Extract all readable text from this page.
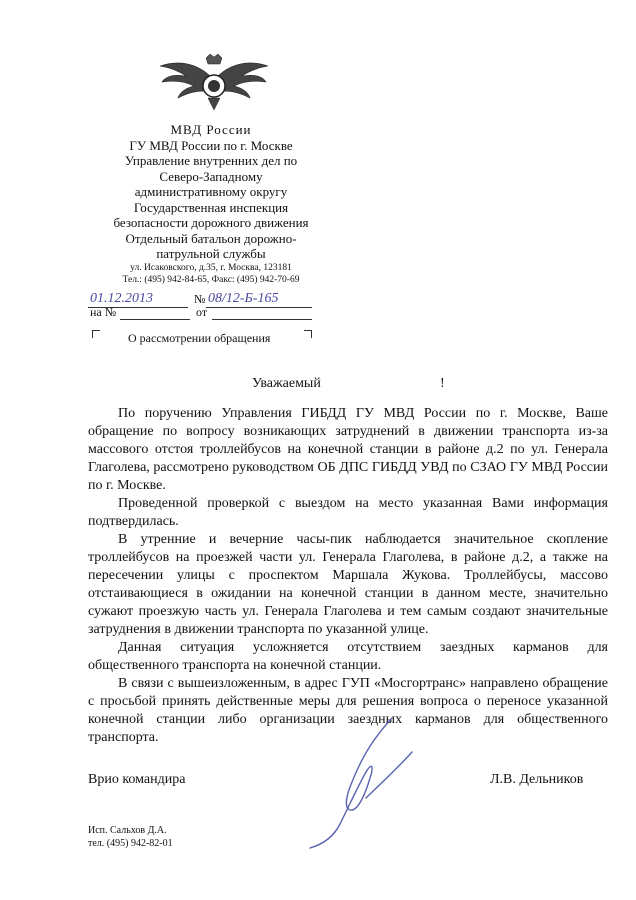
МВД России
ГУ МВД России по г. Москве
Управление внутренних дел по
Северо-Западному
административному округу
Государственная инспекция
безопасности дорожного движения
Отдельный батальон дорожно-
патрульной службы
ул. Исаковского, д.35, г. Москва, 123181
Тел.: (495) 942-84-65, Факс: (495) 942-70-69
01.12.2013	№ 08/12-Б-165
на №	от
О рассмотрении обращения
Уважаемый	!

По поручению Управления ГИБДД ГУ МВД России по г. Москве, Ваше обращение по вопросу возникающих затруднений в движении транспорта из-за массового отстоя троллейбусов на конечной станции в районе д.2 по ул. Генерала Глаголева, рассмотрено руководством ОБ ДПС ГИБДД УВД по СЗАО ГУ МВД России по г. Москве.

Проведенной проверкой с выездом на место указанная Вами информация подтвердилась.

В утренние и вечерние часы-пик наблюдается значительное скопление троллейбусов на проезжей части ул. Генерала Глаголева, в районе д.2, а также на пересечении улицы с проспектом Маршала Жукова. Троллейбусы, массово отстаивающиеся в ожидании на конечной станции в данном месте, значительно сужают проезжую часть ул. Генерала Глаголева и тем самым создают значительные затруднения в движении транспорта по указанной улице.

Данная ситуация усложняется отсутствием заездных карманов для общественного транспорта на конечной станции.

В связи с вышеизложенным, в адрес ГУП «Мосгортранс» направлено обращение с просьбой принять действенные меры для решения вопроса о переносе указанной конечной станции либо организации заездных карманов для общественного транспорта.

Врио командира	Л.В. Дельников
Исп. Сальхов Д.А.
тел. (495) 942-82-01
